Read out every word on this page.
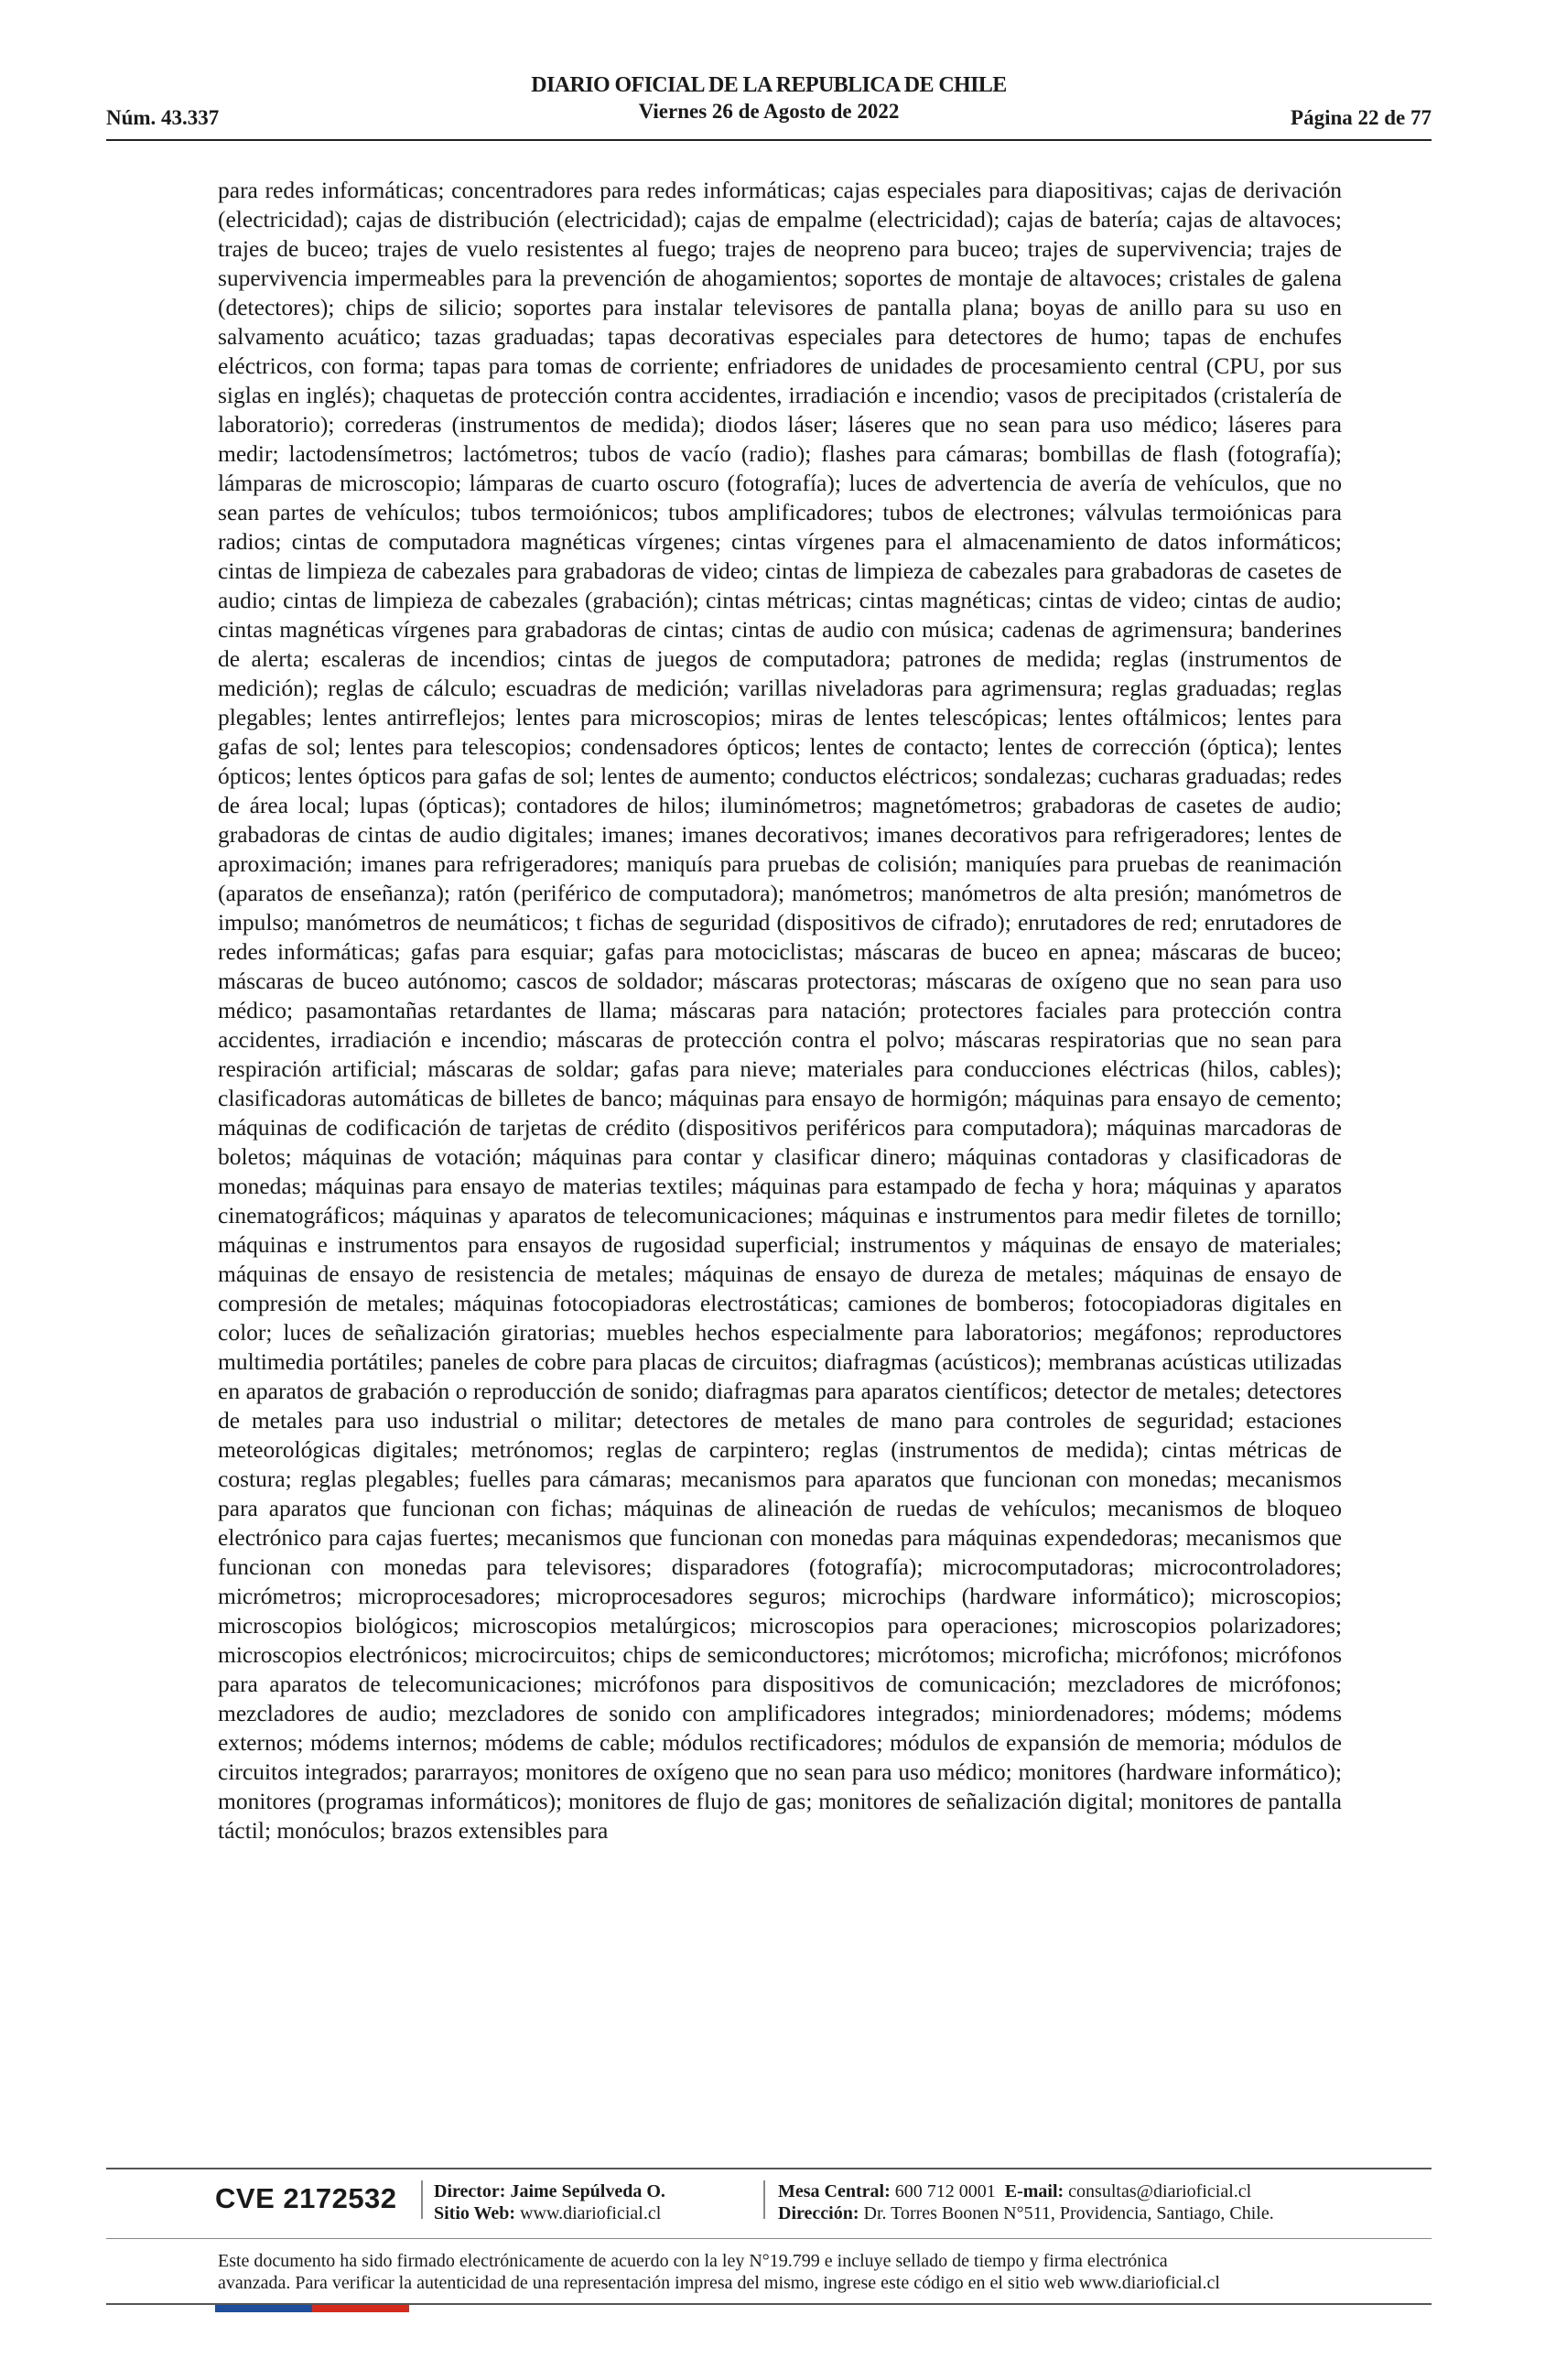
Núm. 43.337
DIARIO OFICIAL DE LA REPUBLICA DE CHILE
Viernes 26 de Agosto de 2022	Página 22 de 77
para redes informáticas; concentradores para redes informáticas; cajas especiales para diapositivas; cajas de derivación (electricidad); cajas de distribución (electricidad); cajas de empalme (electricidad); cajas de batería; cajas de altavoces; trajes de buceo; trajes de vuelo resistentes al fuego; trajes de neopreno para buceo; trajes de supervivencia; trajes de supervivencia impermeables para la prevención de ahogamientos; soportes de montaje de altavoces; cristales de galena (detectores); chips de silicio; soportes para instalar televisores de pantalla plana; boyas de anillo para su uso en salvamento acuático; tazas graduadas; tapas decorativas especiales para detectores de humo; tapas de enchufes eléctricos, con forma; tapas para tomas de corriente; enfriadores de unidades de procesamiento central (CPU, por sus siglas en inglés); chaquetas de protección contra accidentes, irradiación e incendio; vasos de precipitados (cristalería de laboratorio); correderas (instrumentos de medida); diodos láser; láseres que no sean para uso médico; láseres para medir; lactodensímetros; lactómetros; tubos de vacío (radio); flashes para cámaras; bombillas de flash (fotografía); lámparas de microscopio; lámparas de cuarto oscuro (fotografía); luces de advertencia de avería de vehículos, que no sean partes de vehículos; tubos termoiónicos; tubos amplificadores; tubos de electrones; válvulas termoiónicas para radios; cintas de computadora magnéticas vírgenes; cintas vírgenes para el almacenamiento de datos informáticos; cintas de limpieza de cabezales para grabadoras de video; cintas de limpieza de cabezales para grabadoras de casetes de audio; cintas de limpieza de cabezales (grabación); cintas métricas; cintas magnéticas; cintas de video; cintas de audio; cintas magnéticas vírgenes para grabadoras de cintas; cintas de audio con música; cadenas de agrimensura; banderines de alerta; escaleras de incendios; cintas de juegos de computadora; patrones de medida; reglas (instrumentos de medición); reglas de cálculo; escuadras de medición; varillas niveladoras para agrimensura; reglas graduadas; reglas plegables; lentes antirreflejos; lentes para microscopios; miras de lentes telescópicas; lentes oftálmicos; lentes para gafas de sol; lentes para telescopios; condensadores ópticos; lentes de contacto; lentes de corrección (óptica); lentes ópticos; lentes ópticos para gafas de sol; lentes de aumento; conductos eléctricos; sondalezas; cucharas graduadas; redes de área local; lupas (ópticas); contadores de hilos; iluminómetros; magnetómetros; grabadoras de casetes de audio; grabadoras de cintas de audio digitales; imanes; imanes decorativos; imanes decorativos para refrigeradores; lentes de aproximación; imanes para refrigeradores; maniquís para pruebas de colisión; maniquíes para pruebas de reanimación (aparatos de enseñanza); ratón (periférico de computadora); manómetros; manómetros de alta presión; manómetros de impulso; manómetros de neumáticos; t fichas de seguridad (dispositivos de cifrado); enrutadores de red; enrutadores de redes informáticas; gafas para esquiar; gafas para motociclistas; máscaras de buceo en apnea; máscaras de buceo; máscaras de buceo autónomo; cascos de soldador; máscaras protectoras; máscaras de oxígeno que no sean para uso médico; pasamontañas retardantes de llama; máscaras para natación; protectores faciales para protección contra accidentes, irradiación e incendio; máscaras de protección contra el polvo; máscaras respiratorias que no sean para respiración artificial; máscaras de soldar; gafas para nieve; materiales para conducciones eléctricas (hilos, cables); clasificadoras automáticas de billetes de banco; máquinas para ensayo de hormigón; máquinas para ensayo de cemento; máquinas de codificación de tarjetas de crédito (dispositivos periféricos para computadora); máquinas marcadoras de boletos; máquinas de votación; máquinas para contar y clasificar dinero; máquinas contadoras y clasificadoras de monedas; máquinas para ensayo de materias textiles; máquinas para estampado de fecha y hora; máquinas y aparatos cinematográficos; máquinas y aparatos de telecomunicaciones; máquinas e instrumentos para medir filetes de tornillo; máquinas e instrumentos para ensayos de rugosidad superficial; instrumentos y máquinas de ensayo de materiales; máquinas de ensayo de resistencia de metales; máquinas de ensayo de dureza de metales; máquinas de ensayo de compresión de metales; máquinas fotocopiadoras electrostáticas; camiones de bomberos; fotocopiadoras digitales en color; luces de señalización giratorias; muebles hechos especialmente para laboratorios; megáfonos; reproductores multimedia portátiles; paneles de cobre para placas de circuitos; diafragmas (acústicos); membranas acústicas utilizadas en aparatos de grabación o reproducción de sonido; diafragmas para aparatos científicos; detector de metales; detectores de metales para uso industrial o militar; detectores de metales de mano para controles de seguridad; estaciones meteorológicas digitales; metrónomos; reglas de carpintero; reglas (instrumentos de medida); cintas métricas de costura; reglas plegables; fuelles para cámaras; mecanismos para aparatos que funcionan con monedas; mecanismos para aparatos que funcionan con fichas; máquinas de alineación de ruedas de vehículos; mecanismos de bloqueo electrónico para cajas fuertes; mecanismos que funcionan con monedas para máquinas expendedoras; mecanismos que funcionan con monedas para televisores; disparadores (fotografía); microcomputadoras; microcontroladores; micrómetros; microprocesadores; microprocesadores seguros; microchips (hardware informático); microscopios; microscopios biológicos; microscopios metalúrgicos; microscopios para operaciones; microscopios polarizadores; microscopios electrónicos; microcircuitos; chips de semiconductores; micrótomos; microficha; micrófonos; micrófonos para aparatos de telecomunicaciones; micrófonos para dispositivos de comunicación; mezcladores de micrófonos; mezcladores de audio; mezcladores de sonido con amplificadores integrados; miniordenadores; módems; módems externos; módems internos; módems de cable; módulos rectificadores; módulos de expansión de memoria; módulos de circuitos integrados; pararrayos; monitores de oxígeno que no sean para uso médico; monitores (hardware informático); monitores (programas informáticos); monitores de flujo de gas; monitores de señalización digital; monitores de pantalla táctil; monóculos; brazos extensibles para
CVE 2172532 Director: Jaime Sepúlveda O.
Sitio Web: www.diarioficial.cl
Mesa Central: 600 712 0001 E-mail: consultas@diarioficial.cl
Dirección: Dr. Torres Boonen N°511, Providencia, Santiago, Chile.
Este documento ha sido firmado electrónicamente de acuerdo con la ley N°19.799 e incluye sellado de tiempo y firma electrónica
avanzada. Para verificar la autenticidad de una representación impresa del mismo, ingrese este código en el sitio web www.diarioficial.cl
